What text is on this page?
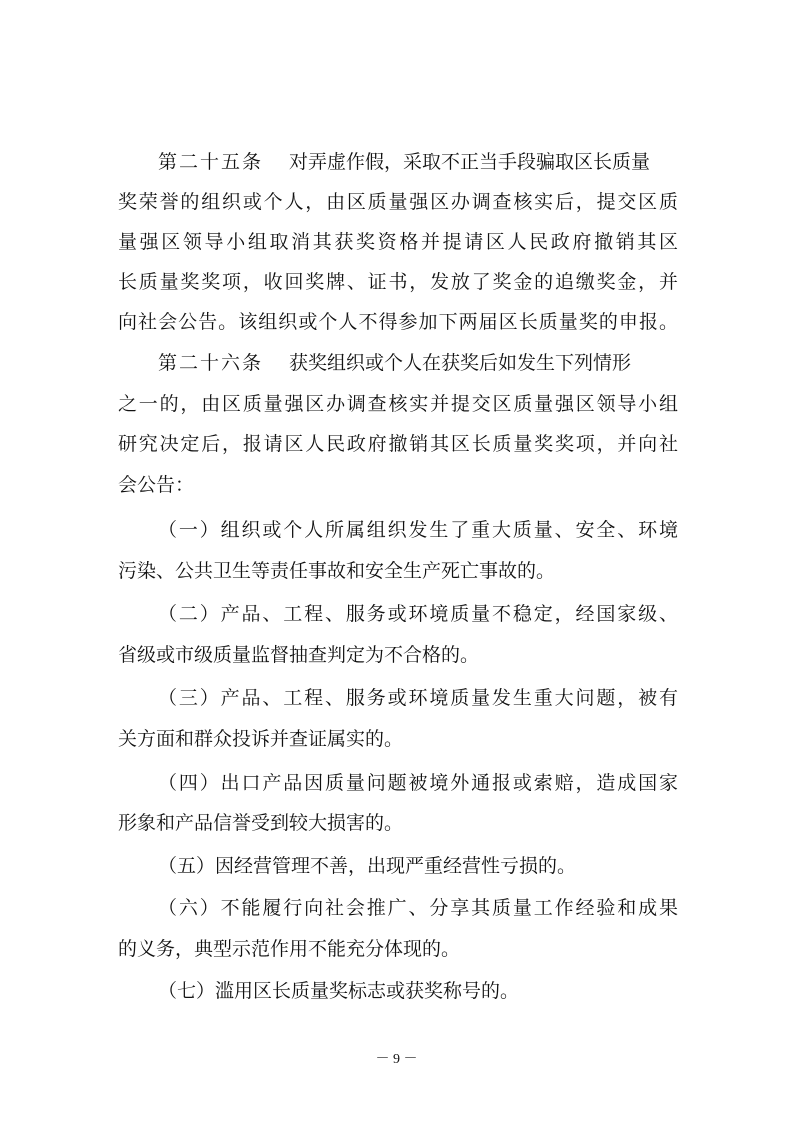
第二十五条 对弄虚作假，采取不正当手段骗取区长质量
奖荣誉的组织或个人，由区质量强区办调查核实后，提交区质
量强区领导小组取消其获奖资格并提请区人民政府撤销其区
长质量奖奖项，收回奖牌、证书，发放了奖金的追缴奖金，并
向社会公告。该组织或个人不得参加下两届区长质量奖的申报。
第二十六条 获奖组织或个人在获奖后如发生下列情形
之一的，由区质量强区办调查核实并提交区质量强区领导小组
研究决定后，报请区人民政府撤销其区长质量奖奖项，并向社
会公告：
（一）组织或个人所属组织发生了重大质量、安全、环境
污染、公共卫生等责任事故和安全生产死亡事故的。
（二）产品、工程、服务或环境质量不稳定，经国家级、
省级或市级质量监督抽查判定为不合格的。
（三）产品、工程、服务或环境质量发生重大问题，被有
关方面和群众投诉并查证属实的。
（四）出口产品因质量问题被境外通报或索赔，造成国家
形象和产品信誉受到较大损害的。
（五）因经营管理不善，出现严重经营性亏损的。
（六）不能履行向社会推广、分享其质量工作经验和成果
的义务，典型示范作用不能充分体现的。
（七）滥用区长质量奖标志或获奖称号的。
－ 9 －
